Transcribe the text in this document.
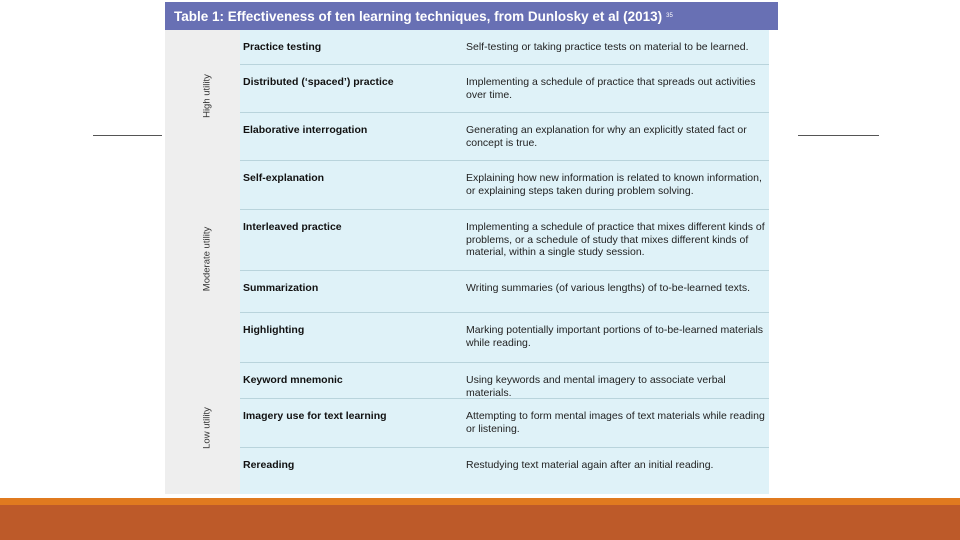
Table 1: Effectiveness of ten learning techniques, from Dunlosky et al (2013) 35
High utility
Moderate utility
Low utility
Practice testing	Self-testing or taking practice tests on material to be learned.
Distributed (‘spaced’) practice	Implementing a schedule of practice that spreads out activities over time.
Elaborative interrogation	Generating an explanation for why an explicitly stated fact or concept is true.
Self-explanation	Explaining how new information is related to known information, or explaining steps taken during problem solving.
Interleaved practice	Implementing a schedule of practice that mixes different kinds of problems, or a schedule of study that mixes different kinds of material, within a single study session.
Summarization	Writing summaries (of various lengths) of to-be-learned texts.
Highlighting	Marking potentially important portions of to-be-learned materials while reading.
Keyword mnemonic	Using keywords and mental imagery to associate verbal materials.
Imagery use for text learning	Attempting to form mental images of text materials while reading or listening.
Rereading	Restudying text material again after an initial reading.
